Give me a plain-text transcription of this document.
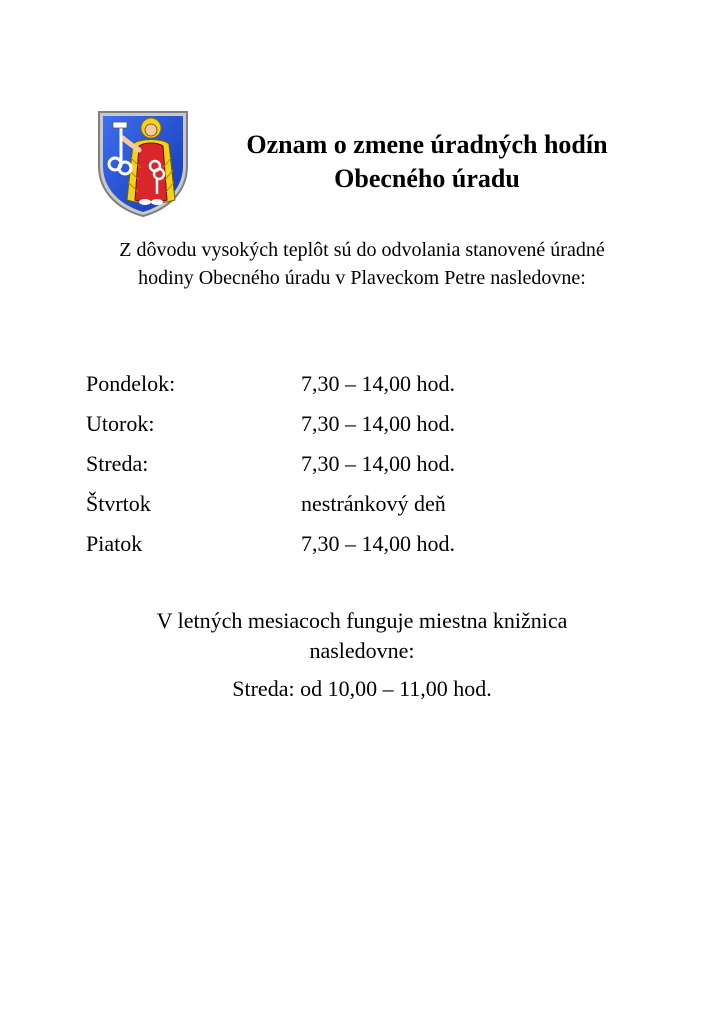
Oznam o zmene úradných hodín
Obecného úradu
Z dôvodu vysokých teplôt sú do odvolania stanovené úradné
hodiny Obecného úradu v Plaveckom Petre nasledovne:
Pondelok:	7,30 – 14,00 hod.
Utorok:	7,30 – 14,00 hod.
Streda:	7,30 – 14,00 hod.
Štvrtok	nestránkový deň
Piatok	7,30 – 14,00 hod.
V letných mesiacoch funguje miestna knižnica
nasledovne:
Streda: od 10,00 – 11,00 hod.
